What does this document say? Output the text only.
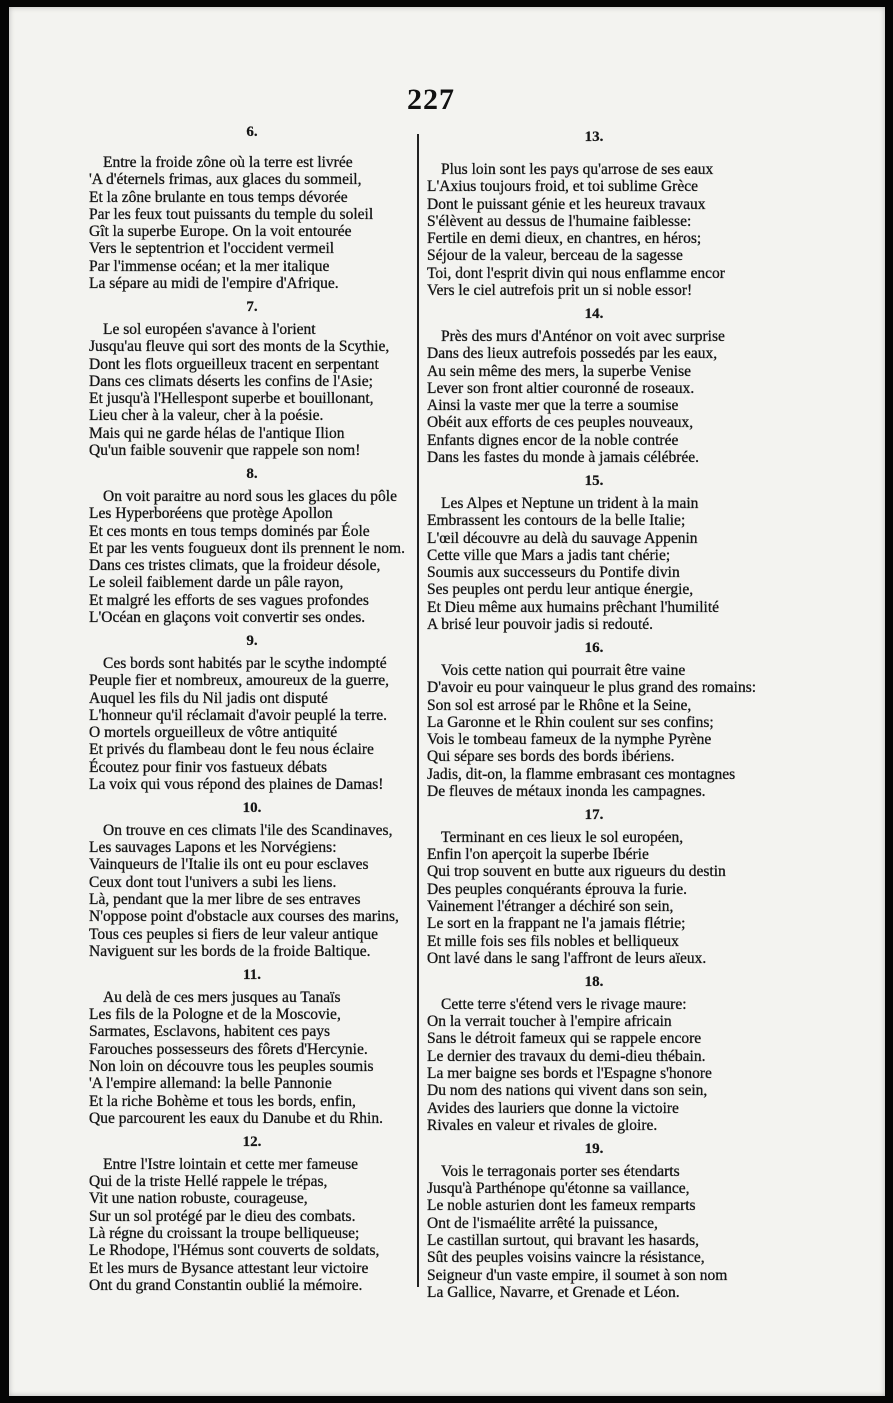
227
6.
Entre la froide zône où la terre est livrée
'A d'éternels frimas, aux glaces du sommeil,
Et la zône brulante en tous temps dévorée
Par les feux tout puissants du temple du soleil
Gît la superbe Europe. On la voit entourée
Vers le septentrion et l'occident vermeil
Par l'immense océan; et la mer italique
La sépare au midi de l'empire d'Afrique.
7.
Le sol européen s'avance à l'orient
Jusqu'au fleuve qui sort des monts de la Scythie,
Dont les flots orgueilleux tracent en serpentant
Dans ces climats déserts les confins de l'Asie;
Et jusqu'à l'Hellespont superbe et bouillonant,
Lieu cher à la valeur, cher à la poésie.
Mais qui ne garde hélas de l'antique Ilion
Qu'un faible souvenir que rappele son nom!
8.
On voit paraitre au nord sous les glaces du pôle
Les Hyperboréens que protège Apollon
Et ces monts en tous temps dominés par Éole
Et par les vents fougueux dont ils prennent le nom.
Dans ces tristes climats, que la froideur désole,
Le soleil faiblement darde un pâle rayon,
Et malgré les efforts de ses vagues profondes
L'Océan en glaçons voit convertir ses ondes.
9.
Ces bords sont habités par le scythe indompté
Peuple fier et nombreux, amoureux de la guerre,
Auquel les fils du Nil jadis ont disputé
L'honneur qu'il réclamait d'avoir peuplé la terre.
O mortels orgueilleux de vôtre antiquité
Et privés du flambeau dont le feu nous éclaire
Écoutez pour finir vos fastueux débats
La voix qui vous répond des plaines de Damas!
10.
On trouve en ces climats l'ile des Scandinaves,
Les sauvages Lapons et les Norvégiens:
Vainqueurs de l'Italie ils ont eu pour esclaves
Ceux dont tout l'univers a subi les liens.
Là, pendant que la mer libre de ses entraves
N'oppose point d'obstacle aux courses des marins,
Tous ces peuples si fiers de leur valeur antique
Naviguent sur les bords de la froide Baltique.
11.
Au delà de ces mers jusques au Tanaïs
Les fils de la Pologne et de la Moscovie,
Sarmates, Esclavons, habitent ces pays
Farouches possesseurs des fôrets d'Hercynie.
Non loin on découvre tous les peuples soumis
'A l'empire allemand: la belle Pannonie
Et la riche Bohème et tous les bords, enfin,
Que parcourent les eaux du Danube et du Rhin.
12.
Entre l'Istre lointain et cette mer fameuse
Qui de la triste Hellé rappele le trépas,
Vit une nation robuste, courageuse,
Sur un sol protégé par le dieu des combats.
Là régne du croissant la troupe belliqueuse;
Le Rhodope, l'Hémus sont couverts de soldats,
Et les murs de Bysance attestant leur victoire
Ont du grand Constantin oublié la mémoire.
13.
Plus loin sont les pays qu'arrose de ses eaux
L'Axius toujours froid, et toi sublime Grèce
Dont le puissant génie et les heureux travaux
S'élèvent au dessus de l'humaine faiblesse:
Fertile en demi dieux, en chantres, en héros;
Séjour de la valeur, berceau de la sagesse
Toi, dont l'esprit divin qui nous enflamme encor
Vers le ciel autrefois prit un si noble essor!
14.
Près des murs d'Anténor on voit avec surprise
Dans des lieux autrefois possedés par les eaux,
Au sein même des mers, la superbe Venise
Lever son front altier couronné de roseaux.
Ainsi la vaste mer que la terre a soumise
Obéit aux efforts de ces peuples nouveaux,
Enfants dignes encor de la noble contrée
Dans les fastes du monde à jamais célébrée.
15.
Les Alpes et Neptune un trident à la main
Embrassent les contours de la belle Italie;
L'œil découvre au delà du sauvage Appenin
Cette ville que Mars a jadis tant chérie;
Soumis aux successeurs du Pontife divin
Ses peuples ont perdu leur antique énergie,
Et Dieu même aux humains prêchant l'humilité
A brisé leur pouvoir jadis si redouté.
16.
Vois cette nation qui pourrait être vaine
D'avoir eu pour vainqueur le plus grand des romains:
Son sol est arrosé par le Rhône et la Seine,
La Garonne et le Rhin coulent sur ses confins;
Vois le tombeau fameux de la nymphe Pyrène
Qui sépare ses bords des bords ibériens.
Jadis, dit-on, la flamme embrasant ces montagnes
De fleuves de métaux inonda les campagnes.
17.
Terminant en ces lieux le sol européen,
Enfin l'on aperçoit la superbe Ibérie
Qui trop souvent en butte aux rigueurs du destin
Des peuples conquérants éprouva la furie.
Vainement l'étranger a déchiré son sein,
Le sort en la frappant ne l'a jamais flétrie;
Et mille fois ses fils nobles et belliqueux
Ont lavé dans le sang l'affront de leurs aïeux.
18.
Cette terre s'étend vers le rivage maure:
On la verrait toucher à l'empire africain
Sans le détroit fameux qui se rappele encore
Le dernier des travaux du demi-dieu thébain.
La mer baigne ses bords et l'Espagne s'honore
Du nom des nations qui vivent dans son sein,
Avides des lauriers que donne la victoire
Rivales en valeur et rivales de gloire.
19.
Vois le terragonais porter ses étendarts
Jusqu'à Parthénope qu'étonne sa vaillance,
Le noble asturien dont les fameux remparts
Ont de l'ismaélite arrêté la puissance,
Le castillan surtout, qui bravant les hasards,
Sût des peuples voisins vaincre la résistance,
Seigneur d'un vaste empire, il soumet à son nom
La Gallice, Navarre, et Grenade et Léon.
